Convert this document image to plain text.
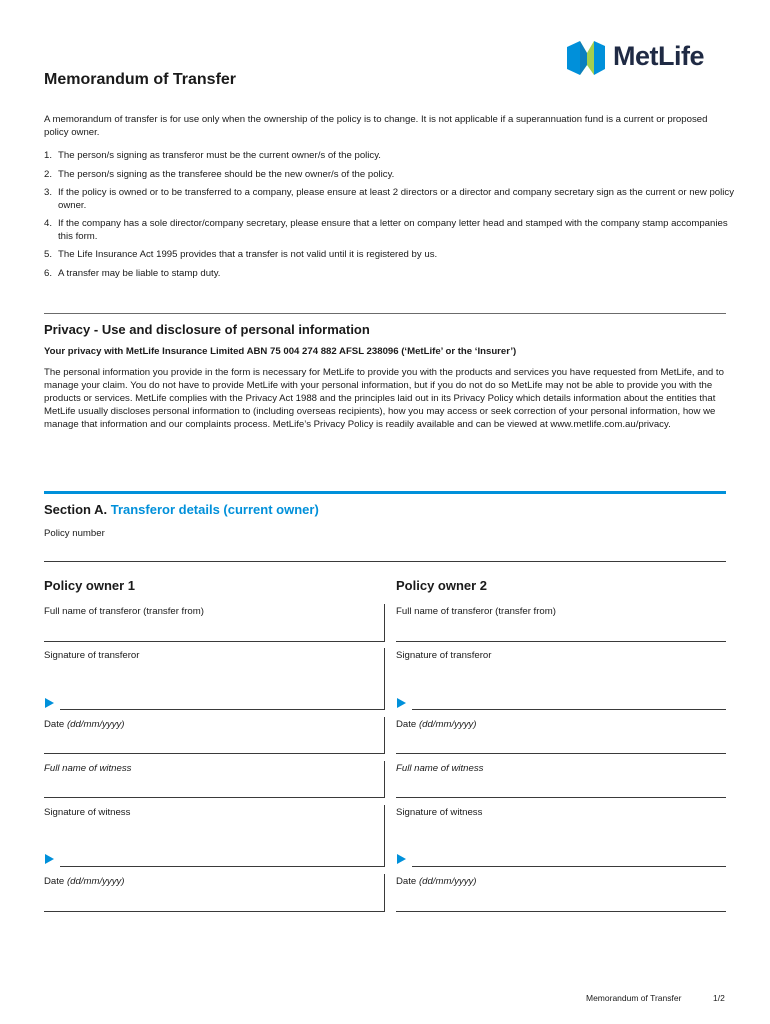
MetLife
Memorandum of Transfer
A memorandum of transfer is for use only when the ownership of the policy is to change. It is not applicable if a superannuation fund is a current or proposed policy owner.
1. The person/s signing as transferor must be the current owner/s of the policy.
2. The person/s signing as the transferee should be the new owner/s of the policy.
3. If the policy is owned or to be transferred to a company, please ensure at least 2 directors or a director and company secretary sign as the current or new policy owner.
4. If the company has a sole director/company secretary, please ensure that a letter on company letter head and stamped with the company stamp accompanies this form.
5. The Life Insurance Act 1995 provides that a transfer is not valid until it is registered by us.
6. A transfer may be liable to stamp duty.
Privacy - Use and disclosure of personal information
Your privacy with MetLife Insurance Limited ABN 75 004 274 882 AFSL 238096 (‘MetLife’ or the ‘Insurer’)
The personal information you provide in the form is necessary for MetLife to provide you with the products and services you have requested from MetLife, and to manage your claim. You do not have to provide MetLife with your personal information, but if you do not do so MetLife may not be able to provide you with the products or services. MetLife complies with the Privacy Act 1988 and the principles laid out in its Privacy Policy which details information about the entities that MetLife usually discloses personal information to (including overseas recipients), how you may access or seek correction of your personal information, how we manage that information and our complaints process. MetLife’s Privacy Policy is readily available and can be viewed at www.metlife.com.au/privacy.
Section A. Transferor details (current owner)
Policy number
Policy owner 1
Full name of transferor (transfer from)
Signature of transferor
Date (dd/mm/yyyy)
Full name of witness
Signature of witness
Date (dd/mm/yyyy)
Policy owner 2
Full name of transferor (transfer from)
Signature of transferor
Date (dd/mm/yyyy)
Full name of witness
Signature of witness
Date (dd/mm/yyyy)
Memorandum of Transfer	1/2
